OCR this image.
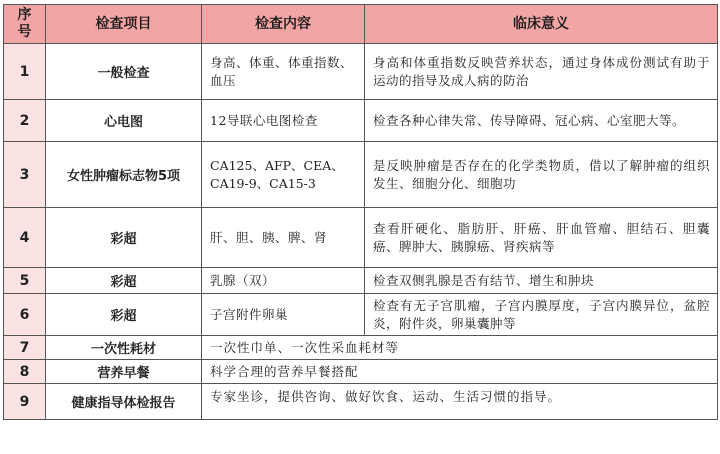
序号	检查项目	检查内容	临床意义
1	一般检查	身高、体重、体重指数、血压	身高和体重指数反映营养状态，通过身体成份测试有助于运动的指导及成人病的防治
2	心电图	12导联心电图检查	检查各种心律失常、传导障碍、冠心病、心室肥大等。
3	女性肿瘤标志物5项	CA125、AFP、CEA、CA19-9、CA15-3	是反映肿瘤是否存在的化学类物质，借以了解肿瘤的组织发生、细胞分化、细胞功
4	彩超	肝、胆、胰、脾、肾	查看肝硬化、脂肪肝、肝癌、肝血管瘤、胆结石、胆囊癌、脾肿大、胰腺癌、肾疾病等
5	彩超	乳腺（双）	检查双侧乳腺是否有结节、增生和肿块
6	彩超	子宫附件卵巢	检查有无子宫肌瘤，子宫内膜厚度，子宫内膜异位，盆腔炎，附件炎，卵巢囊肿等
7	一次性耗材	一次性巾单、一次性采血耗材等	
8	营养早餐	科学合理的营养早餐搭配	
9	健康指导体检报告	专家坐诊，提供咨询、做好饮食、运动、生活习惯的指导。	
